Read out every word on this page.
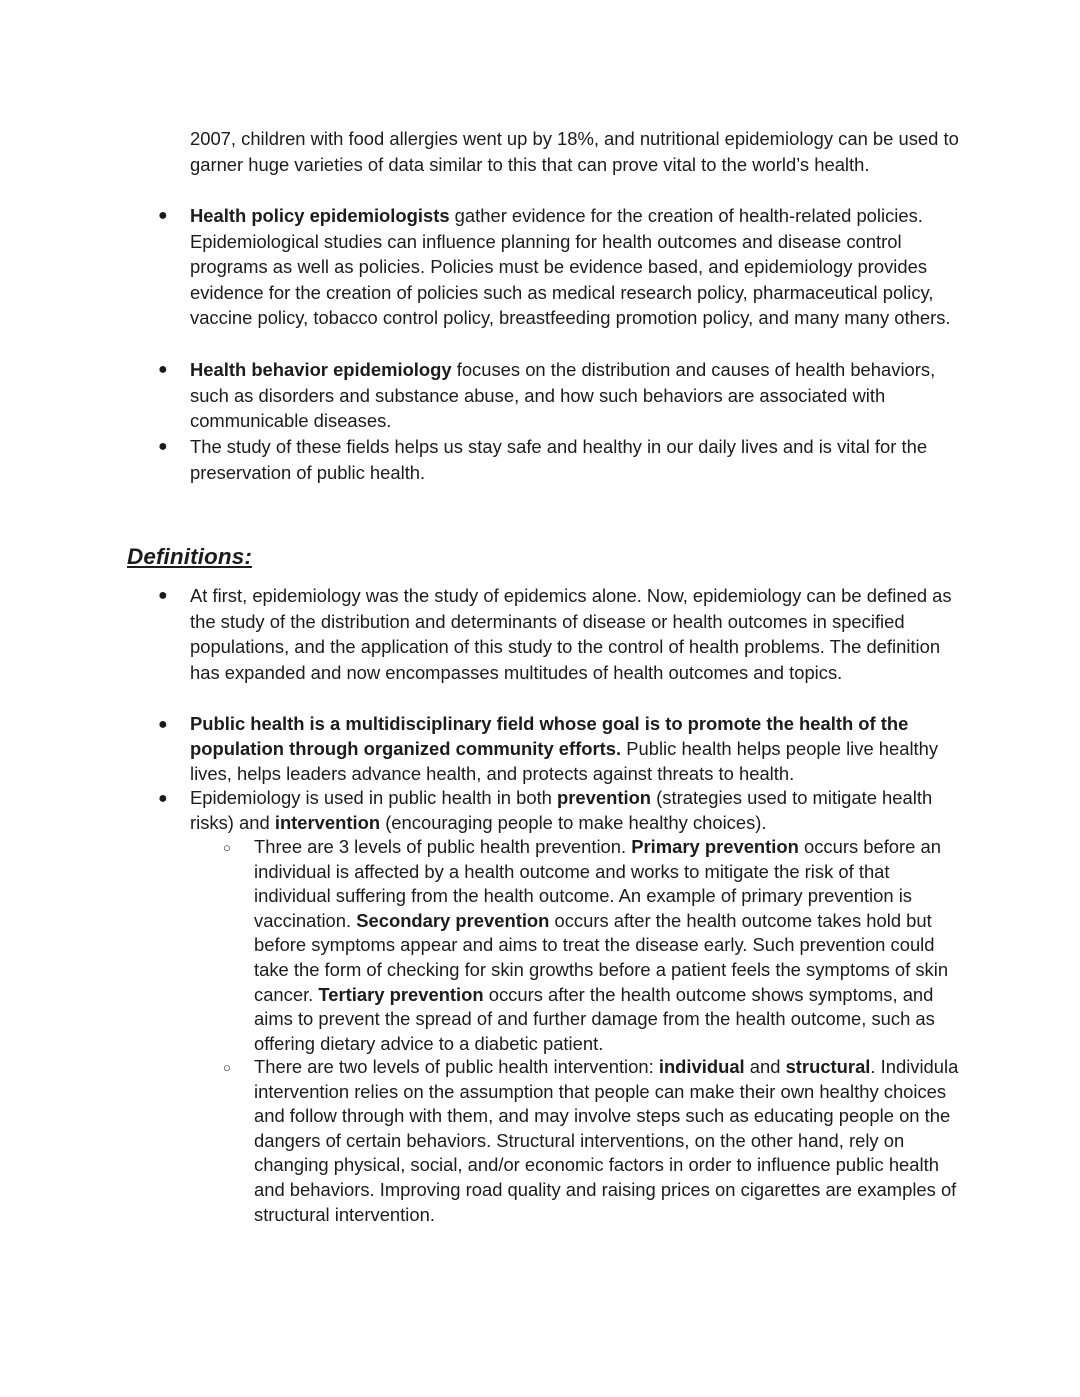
2007, children with food allergies went up by 18%, and nutritional epidemiology can be used to garner huge varieties of data similar to this that can prove vital to the world’s health.
● Health policy epidemiologists gather evidence for the creation of health-related policies. Epidemiological studies can influence planning for health outcomes and disease control programs as well as policies. Policies must be evidence based, and epidemiology provides evidence for the creation of policies such as medical research policy, pharmaceutical policy, vaccine policy, tobacco control policy, breastfeeding promotion policy, and many many others.
● Health behavior epidemiology focuses on the distribution and causes of health behaviors, such as disorders and substance abuse, and how such behaviors are associated with communicable diseases.
● The study of these fields helps us stay safe and healthy in our daily lives and is vital for the preservation of public health.
Definitions:
● At first, epidemiology was the study of epidemics alone. Now, epidemiology can be defined as the study of the distribution and determinants of disease or health outcomes in specified populations, and the application of this study to the control of health problems. The definition has expanded and now encompasses multitudes of health outcomes and topics.
● Public health is a multidisciplinary field whose goal is to promote the health of the population through organized community efforts. Public health helps people live healthy lives, helps leaders advance health, and protects against threats to health.
● Epidemiology is used in public health in both prevention (strategies used to mitigate health risks) and intervention (encouraging people to make healthy choices).
○ Three are 3 levels of public health prevention. Primary prevention occurs before an individual is affected by a health outcome and works to mitigate the risk of that individual suffering from the health outcome. An example of primary prevention is vaccination. Secondary prevention occurs after the health outcome takes hold but before symptoms appear and aims to treat the disease early. Such prevention could take the form of checking for skin growths before a patient feels the symptoms of skin cancer. Tertiary prevention occurs after the health outcome shows symptoms, and aims to prevent the spread of and further damage from the health outcome, such as offering dietary advice to a diabetic patient.
○ There are two levels of public health intervention: individual and structural. Individula intervention relies on the assumption that people can make their own healthy choices and follow through with them, and may involve steps such as educating people on the dangers of certain behaviors. Structural interventions, on the other hand, rely on changing physical, social, and/or economic factors in order to influence public health and behaviors. Improving road quality and raising prices on cigarettes are examples of structural intervention.
